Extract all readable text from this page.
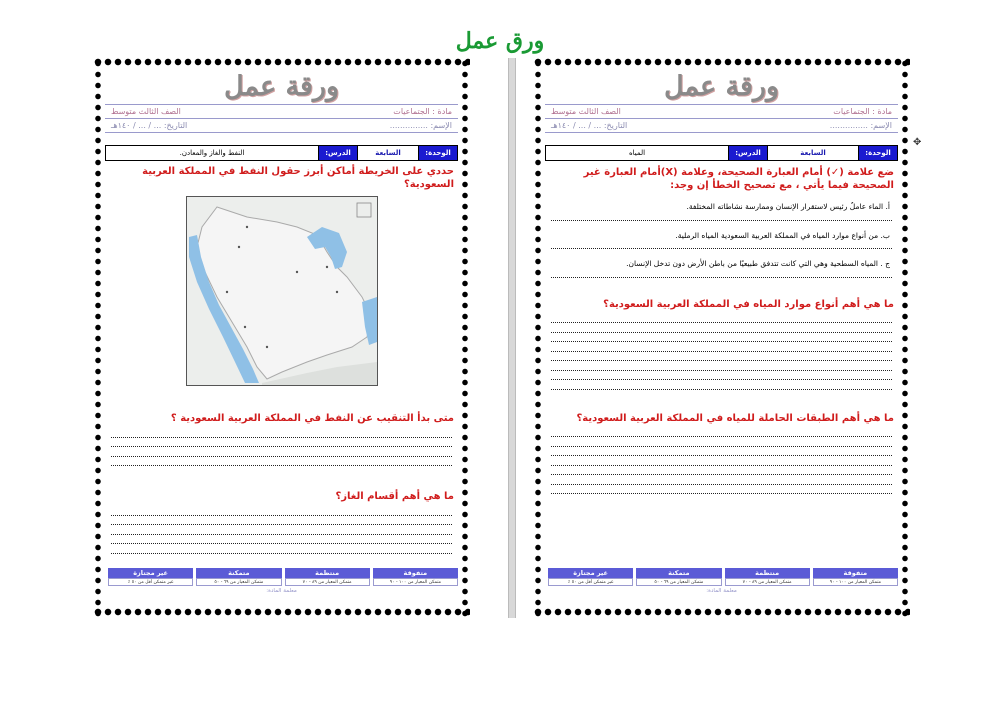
ورق عمل
✥
ورقة عمل
مادة : الجتماعيات
الصف الثالث متوسط
الإسم: ...............
التاريخ: ... / ... / ١٤٠هـ
الوحدة:
السابعة
الدرس:
المياه
ضع علامة (✓) أمام العبارة الصحيحة، وعلامة (X)أمام العبارة غير الصحيحة فيما يأتي ، مع تصحيح الخطأ إن وجد:
أ. الماء عاملٌ رئيس لاستقرار الإنسان وممارسة نشاطاته المختلفة.
ب. من أنواع موارد المياه في المملكة العربية السعودية المياه الرملية.
ج . المياه السطحية وهي التي كانت تتدفق طبيعيًا من باطن الأرض دون تدخل الإنسان.
ما هي أهم أنواع موارد المياه في المملكة العربية السعودية؟
ما هي أهم الطبقات الحاملة للمياه في المملكة العربية السعودية؟
متفوقة
منتظمة
متمكنة
غير مجتازة
متمكن المعيار من ١٠٠ - ٩٠
متمكن المعيار من ٨٩ - ٧٠
متمكن المعيار من ٦٩ - ٥٠
غير متمكن أقل من ٥٠ ٪
معلمة المادة:
ورقة عمل
مادة : الجتماعيات
الصف الثالث متوسط
الإسم: ...............
التاريخ: ... / ... / ١٤٠هـ
الوحدة:
السابعة
الدرس:
النفط والغاز والمعادن.
حددي على الخريطة أماكن أبرز حقول النفط في المملكة العربية السعودية؟
متى بدأ التنقيب عن النفط في المملكة العربية السعودية ؟
ما هي أهم أقسام الغاز؟
متفوقة
منتظمة
متمكنة
غير مجتازة
متمكن المعيار من ١٠٠ - ٩٠
متمكن المعيار من ٨٩ - ٧٠
متمكن المعيار من ٦٩ - ٥٠
غير متمكن أقل من ٥٠ ٪
معلمة المادة:
